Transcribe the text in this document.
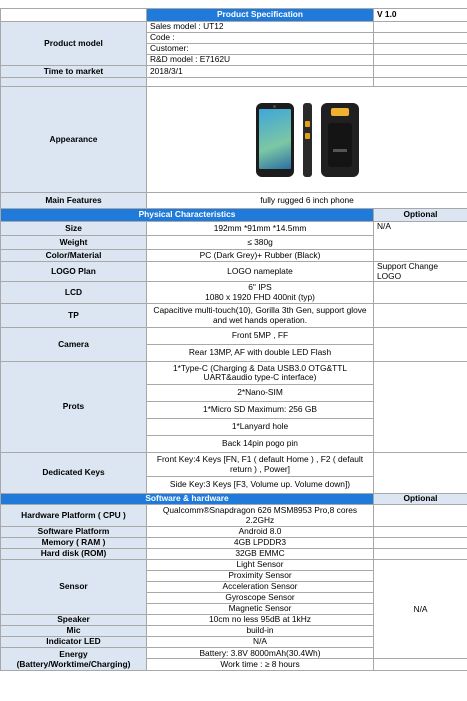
	Product Specification	V 1.0
Product model	Sales model : UT12	
	Code :	
	Customer:	
	R&D model : E7162U	
Time to market	2018/3/1	

Appearance		

Main Features	fully rugged 6 inch phone	
Physical Characteristics		Optional
Size	192mm *91mm *14.5mm	N/A
Weight	≤ 380g	
Color/Material	PC (Dark Grey)+ Rubber (Black)	
LOGO Plan	LOGO nameplate	Support Change LOGO
LCD	6" IPS
1080 x 1920 FHD 400nit (typ)	

TP	Capacitive multi-touch(10), Gorilla 3th Gen, support glove and wet hands operation.	
Camera	Front 5MP , FF	
	Rear 13MP, AF with double LED Flash	
Prots	1*Type-C (Charging & Data USB3.0 OTG&TTL UART&audio type-C interface)	
	2*Nano-SIM	
	1*Micro SD Maximum: 256 GB	
	1*Lanyard hole	
	Back 14pin pogo pin	
Dedicated Keys	Front Key:4 Keys [FN, F1 ( default Home ) , F2 ( default return ) , Power]	
	Side Key:3 Keys [F3, Volume up. Volume down])	
Software & hardware		Optional
Hardware Platform ( CPU )	Qualcomm®Snapdragon 626 MSM8953 Pro,8 cores 2.2GHz	
Software Platform	Android 8.0	
Memory ( RAM )	4GB LPDDR3	
Hard disk (ROM)	32GB EMMC	
Sensor	Light Sensor	N/A
	Proximity Sensor	
	Acceleration Sensor	
	Gyroscope Sensor	
	Magnetic Sensor	
Speaker	10cm no less 95dB at 1kHz	
Mic	build-in	
Indicator LED	N/A	

Energy
(Battery/Worktime/Charging)	Battery: 3.8V 8000mAh(30.4Wh)	
	Work time : ≥ 8 hours	
